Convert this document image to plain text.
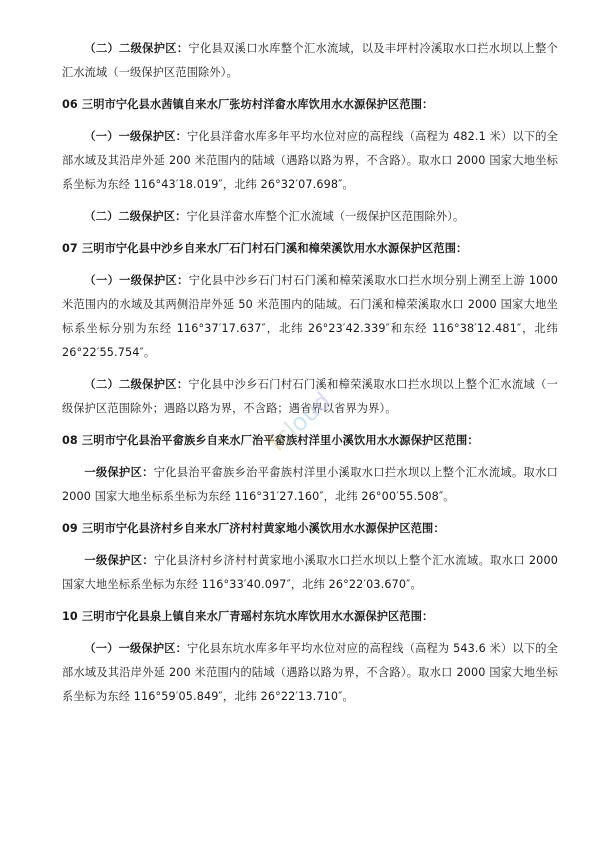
（二）二级保护区：宁化县双溪口水库整个汇水流域，以及丰坪村冷溪取水口拦水坝以上整个汇水流域（一级保护区范围除外）。

06 三明市宁化县水茜镇自来水厂张坊村洋畲水库饮用水水源保护区范围：

（一）一级保护区：宁化县洋畲水库多年平均水位对应的高程线（高程为 482.1 米）以下的全部水域及其沿岸外延 200 米范围内的陆域（遇路以路为界，不含路）。取水口 2000 国家大地坐标系坐标为东经 116°43′18.019″，北纬 26°32′07.698″。

（二）二级保护区：宁化县洋畲水库整个汇水流域（一级保护区范围除外）。

07 三明市宁化县中沙乡自来水厂石门村石门溪和樟荣溪饮用水水源保护区范围：

（一）一级保护区：宁化县中沙乡石门村石门溪和樟荣溪取水口拦水坝分别上溯至上游 1000 米范围内的水域及其两侧沿岸外延 50 米范围内的陆域。石门溪和樟荣溪取水口 2000 国家大地坐标系坐标分别为东经 116°37′17.637″，北纬 26°23′42.339″和东经 116°38′12.481″，北纬 26°22′55.754″。

（二）二级保护区：宁化县中沙乡石门村石门溪和樟荣溪取水口拦水坝以上整个汇水流域（一级保护区范围除外；遇路以路为界，不含路；遇省界以省界为界）。

08 三明市宁化县治平畲族乡自来水厂治平畲族村洋里小溪饮用水水源保护区范围：

一级保护区：宁化县治平畲族乡治平畲族村洋里小溪取水口拦水坝以上整个汇水流域。取水口 2000 国家大地坐标系坐标为东经 116°31′27.160″，北纬 26°00′55.508″。

09 三明市宁化县济村乡自来水厂济村村黄家地小溪饮用水水源保护区范围：

一级保护区：宁化县济村乡济村村黄家地小溪取水口拦水坝以上整个汇水流域。取水口 2000 国家大地坐标系坐标为东经 116°33′40.097″，北纬 26°22′03.670″。

10 三明市宁化县泉上镇自来水厂青瑶村东坑水库饮用水水源保护区范围：

（一）一级保护区：宁化县东坑水库多年平均水位对应的高程线（高程为 543.6 米）以下的全部水域及其沿岸外延 200 米范围内的陆域（遇路以路为界，不含路）。取水口 2000 国家大地坐标系坐标为东经 116°59′05.849″，北纬 26°22′13.710″。

fcloud
